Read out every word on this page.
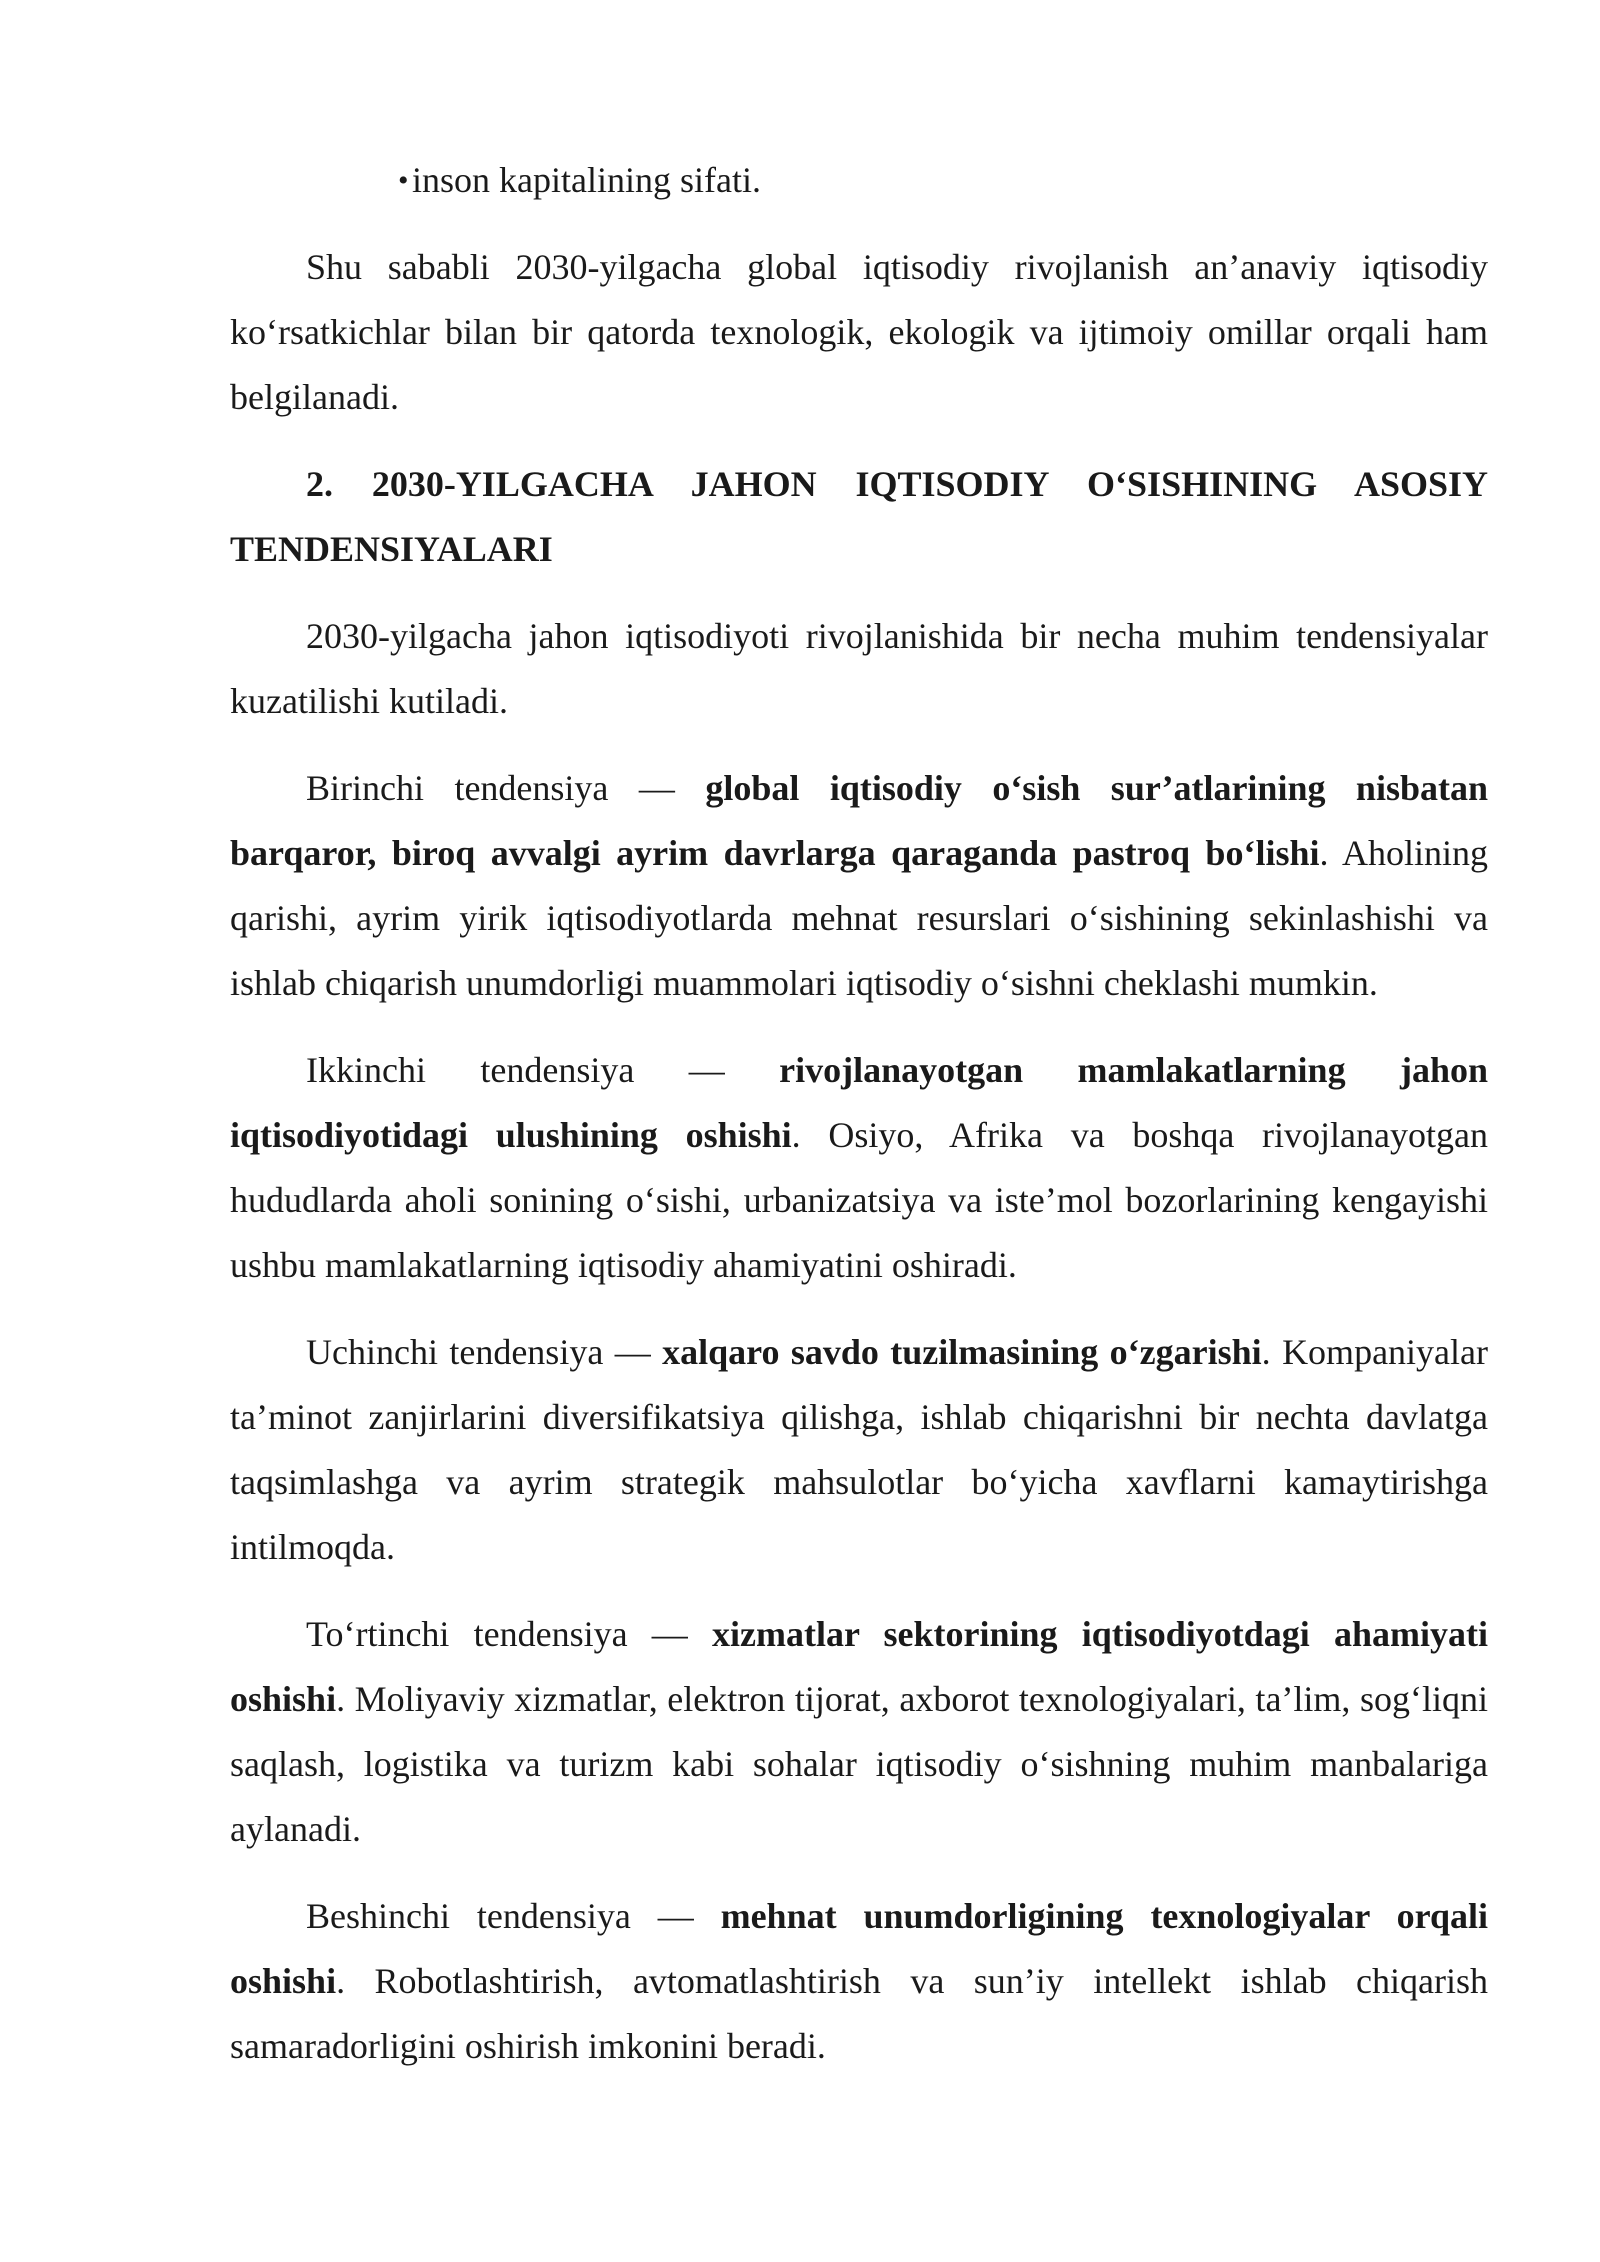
•inson kapitalining sifati.

Shu sababli 2030-yilgacha global iqtisodiy rivojlanish an’anaviy iqtisodiy ko‘rsatkichlar bilan bir qatorda texnologik, ekologik va ijtimoiy omillar orqali ham belgilanadi.

2. 2030-YILGACHA JAHON IQTISODIY O‘SISHINING ASOSIY TENDENSIYALARI

2030-yilgacha jahon iqtisodiyoti rivojlanishida bir necha muhim tendensiyalar kuzatilishi kutiladi.

Birinchi tendensiya — global iqtisodiy o‘sish sur’atlarining nisbatan barqaror, biroq avvalgi ayrim davrlarga qaraganda pastroq bo‘lishi. Aholining qarishi, ayrim yirik iqtisodiyotlarda mehnat resurslari o‘sishining sekinlashishi va ishlab chiqarish unumdorligi muammolari iqtisodiy o‘sishni cheklashi mumkin.

Ikkinchi tendensiya — rivojlanayotgan mamlakatlarning jahon iqtisodiyotidagi ulushining oshishi. Osiyo, Afrika va boshqa rivojlanayotgan hududlarda aholi sonining o‘sishi, urbanizatsiya va iste’mol bozorlarining kengayishi ushbu mamlakatlarning iqtisodiy ahamiyatini oshiradi.

Uchinchi tendensiya — xalqaro savdo tuzilmasining o‘zgarishi. Kompaniyalar ta’minot zanjirlarini diversifikatsiya qilishga, ishlab chiqarishni bir nechta davlatga taqsimlashga va ayrim strategik mahsulotlar bo‘yicha xavflarni kamaytirishga intilmoqda.

To‘rtinchi tendensiya — xizmatlar sektorining iqtisodiyotdagi ahamiyati oshishi. Moliyaviy xizmatlar, elektron tijorat, axborot texnologiyalari, ta’lim, sog‘liqni saqlash, logistika va turizm kabi sohalar iqtisodiy o‘sishning muhim manbalariga aylanadi.

Beshinchi tendensiya — mehnat unumdorligining texnologiyalar orqali oshishi. Robotlashtirish, avtomatlashtirish va sun’iy intellekt ishlab chiqarish samaradorligini oshirish imkonini beradi.
